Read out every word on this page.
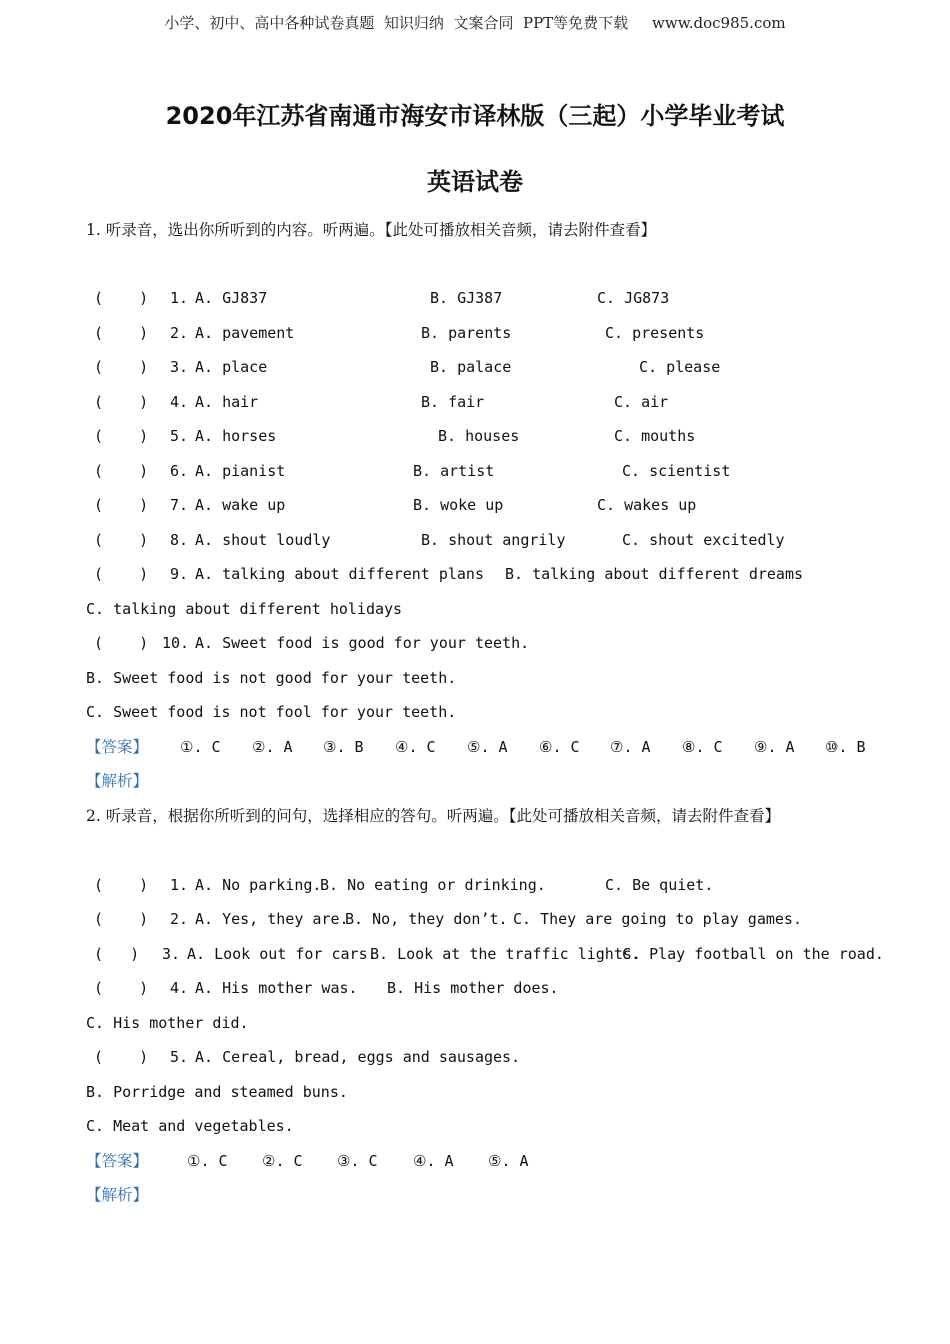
小学、初中、高中各种试卷真题  知识归纳  文案合同  PPT等免费下载     www.doc985.com
2020年江苏省南通市海安市译林版（三起）小学毕业考试
英语试卷
1. 听录音，选出你所听到的内容。听两遍。【此处可播放相关音频，请去附件查看】
(    ) 1. A. GJ837	B. GJ387	C. JG873
(    ) 2. A. pavement	B. parents	C. presents
(    ) 3. A. place	B. palace	C. please
(    ) 4. A. hair	B. fair	C. air
(    ) 5. A. horses	B. houses	C. mouths
(    ) 6. A. pianist	B. artist	C. scientist
(    ) 7. A. wake up	B. woke up	C. wakes up
(    ) 8. A. shout loudly	B. shout angrily	C. shout excitedly
(    ) 9. A. talking about different plans B. talking about different dreams
C. talking about different holidays
(    ) 10. A. Sweet food is good for your teeth.
B. Sweet food is not good for your teeth.
C. Sweet food is not fool for your teeth.
【答案】 ①. C ②. A ③. B ④. C ⑤. A ⑥. C ⑦. A ⑧. C ⑨. A ⑩. B
【解析】
2. 听录音，根据你所听到的问句，选择相应的答句。听两遍。【此处可播放相关音频，请去附件查看】
(    ) 1. A. No parking.
B. No eating or drinking.	C. Be quiet.
(    ) 2. A. Yes, they are.
B. No, they don’t. C. They are going to play games.
(   ) 3. A. Look out for cars.
B. Look at the traffic lights.
C. Play football on the road.
(    ) 4. A. His mother was. B. His mother does.
C. His mother did.
(    ) 5. A. Cereal, bread, eggs and sausages.
B. Porridge and steamed buns.
C. Meat and vegetables.
【答案】	①. C ②. C ③. C ④. A ⑤. A
【解析】
